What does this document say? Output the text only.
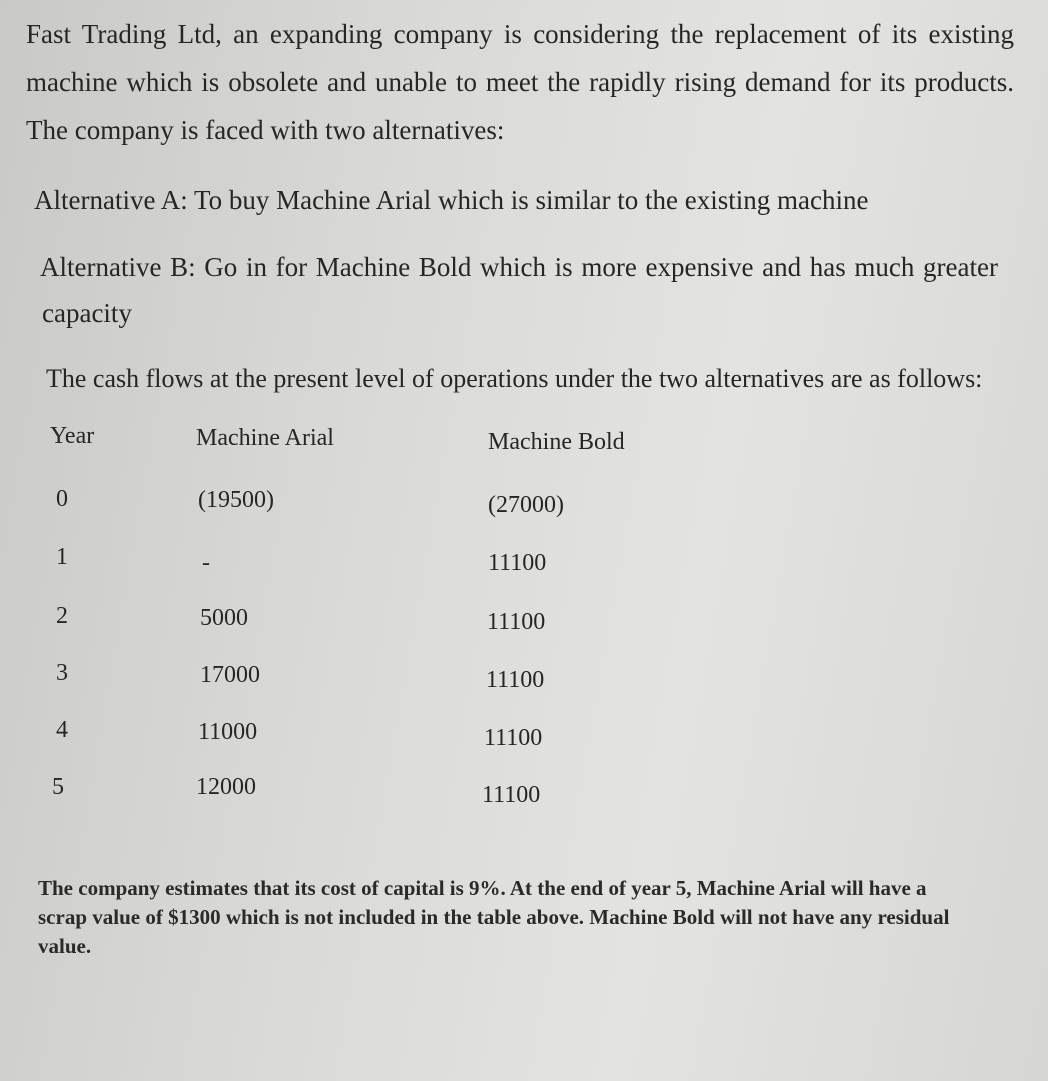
Fast Trading Ltd, an expanding company is considering the replacement of its existing machine which is obsolete and unable to meet the rapidly rising demand for its products. The company is faced with two alternatives:
Alternative A: To buy Machine Arial which is similar to the existing machine
Alternative B: Go in for Machine Bold which is more expensive and has much greater
capacity
The cash flows at the present level of operations under the two alternatives are as follows:
Year	Machine Arial	Machine Bold
0	(19500)	(27000)
1	-	11100
2	5000	11100
3	17000	11100
4	11000	11100
5	12000	11100
The company estimates that its cost of capital is 9%. At the end of year 5, Machine Arial will have a scrap value of $1300 which is not included in the table above. Machine Bold will not have any residual value.
